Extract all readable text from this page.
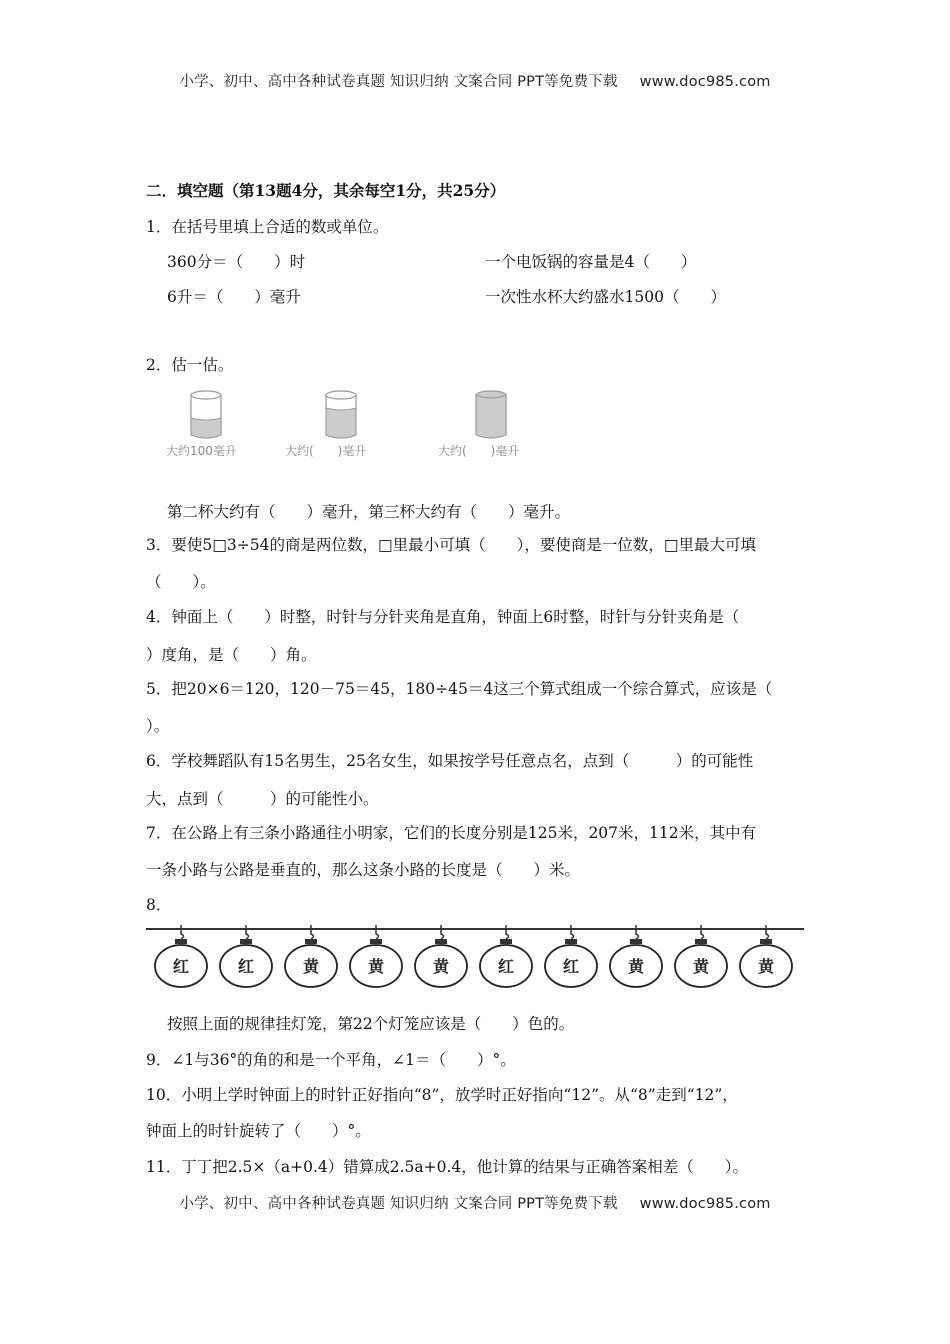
小学、初中、高中各种试卷真题 知识归纳 文案合同 PPT等免费下载 www.doc985.com
二．填空题（第13题4分，其余每空1分，共25分）
1．在括号里填上合适的数或单位。
360分＝（　　）时	一个电饭锅的容量是4（　　）
6升＝（　　）毫升	一次性水杯大约盛水1500（　　）
2．估一估。
大约100毫升	大约(　　)毫升	大约(　　)毫升
第二杯大约有（　　）毫升，第三杯大约有（　　）毫升。
3．要使5□3÷54的商是两位数，□里最小可填（　　），要使商是一位数，□里最大可填
（　　）。
4．钟面上（　　）时整，时针与分针夹角是直角，钟面上6时整，时针与分针夹角是（
）度角，是（　　）角。
5．把20×6＝120，120－75＝45，180÷45＝4这三个算式组成一个综合算式，应该是（
）。
6．学校舞蹈队有15名男生，25名女生，如果按学号任意点名，点到（　　　）的可能性
大，点到（　　　）的可能性小。
7．在公路上有三条小路通往小明家，它们的长度分别是125米，207米，112米，其中有
一条小路与公路是垂直的，那么这条小路的长度是（　　）米。
8．
红	红	黄	黄	黄	红	红	黄	黄	黄
按照上面的规律挂灯笼，第22个灯笼应该是（　　）色的。
9．∠1与36°的角的和是一个平角，∠1＝（　　）°。
10．小明上学时钟面上的时针正好指向“8”，放学时正好指向“12”。从“8”走到“12”，
钟面上的时针旋转了（　　）°。
11．丁丁把2.5×（a+0.4）错算成2.5a+0.4，他计算的结果与正确答案相差（　　）。
小学、初中、高中各种试卷真题 知识归纳 文案合同 PPT等免费下载 www.doc985.com
